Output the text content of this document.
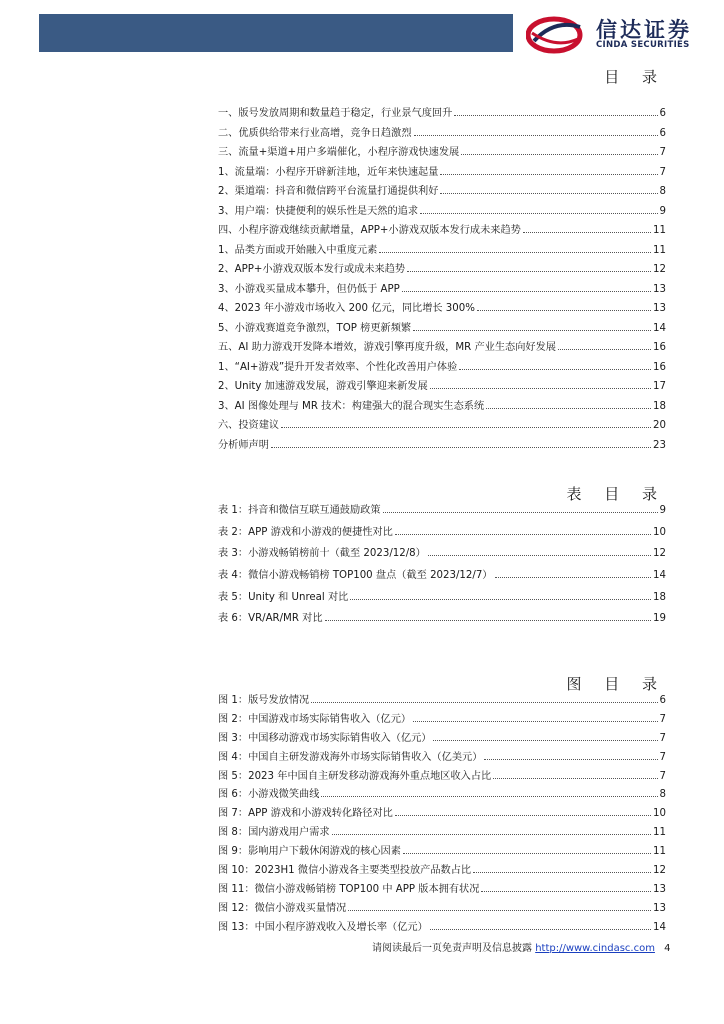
信达证券
CINDA SECURITIES
目 录
一、版号发放周期和数量趋于稳定，行业景气度回升	6
二、优质供给带来行业高增，竞争日趋激烈	6
三、流量+渠道+用户多端催化，小程序游戏快速发展	7
1、流量端：小程序开辟新洼地，近年来快速起量	7
2、渠道端：抖音和微信跨平台流量打通提供利好	8
3、用户端：快捷便利的娱乐性是天然的追求	9
四、小程序游戏继续贡献增量，APP+小游戏双版本发行成未来趋势	11
1、品类方面或开始融入中重度元素	11
2、APP+小游戏双版本发行或成未来趋势	12
3、小游戏买量成本攀升，但仍低于 APP	13
4、2023 年小游戏市场收入 200 亿元，同比增长 300%	13
5、小游戏赛道竞争激烈，TOP 榜更新频繁	14
五、AI 助力游戏开发降本增效，游戏引擎再度升级，MR 产业生态向好发展	16
1、“AI+游戏”提升开发者效率、个性化改善用户体验	16
2、Unity 加速游戏发展，游戏引擎迎来新发展	17
3、AI 图像处理与 MR 技术：构建强大的混合现实生态系统	18
六、投资建议	20
分析师声明	23
表 目 录
表 1：抖音和微信互联互通鼓励政策	9
表 2：APP 游戏和小游戏的便捷性对比	10
表 3：小游戏畅销榜前十（截至 2023/12/8）	12
表 4：微信小游戏畅销榜 TOP100 盘点（截至 2023/12/7）	14
表 5：Unity 和 Unreal 对比	18
表 6：VR/AR/MR 对比	19
图 目 录
图 1：版号发放情况	6
图 2：中国游戏市场实际销售收入（亿元）	7
图 3：中国移动游戏市场实际销售收入（亿元）	7
图 4：中国自主研发游戏海外市场实际销售收入（亿美元）	7
图 5：2023 年中国自主研发移动游戏海外重点地区收入占比	7
图 6：小游戏微笑曲线	8
图 7：APP 游戏和小游戏转化路径对比	10
图 8：国内游戏用户需求	11
图 9：影响用户下载休闲游戏的核心因素	11
图 10：2023H1 微信小游戏各主要类型投放产品数占比	12
图 11：微信小游戏畅销榜 TOP100 中 APP 版本拥有状况	13
图 12：微信小游戏买量情况	13
图 13：中国小程序游戏收入及增长率（亿元）	14
请阅读最后一页免责声明及信息披露 http://www.cindasc.com 4
